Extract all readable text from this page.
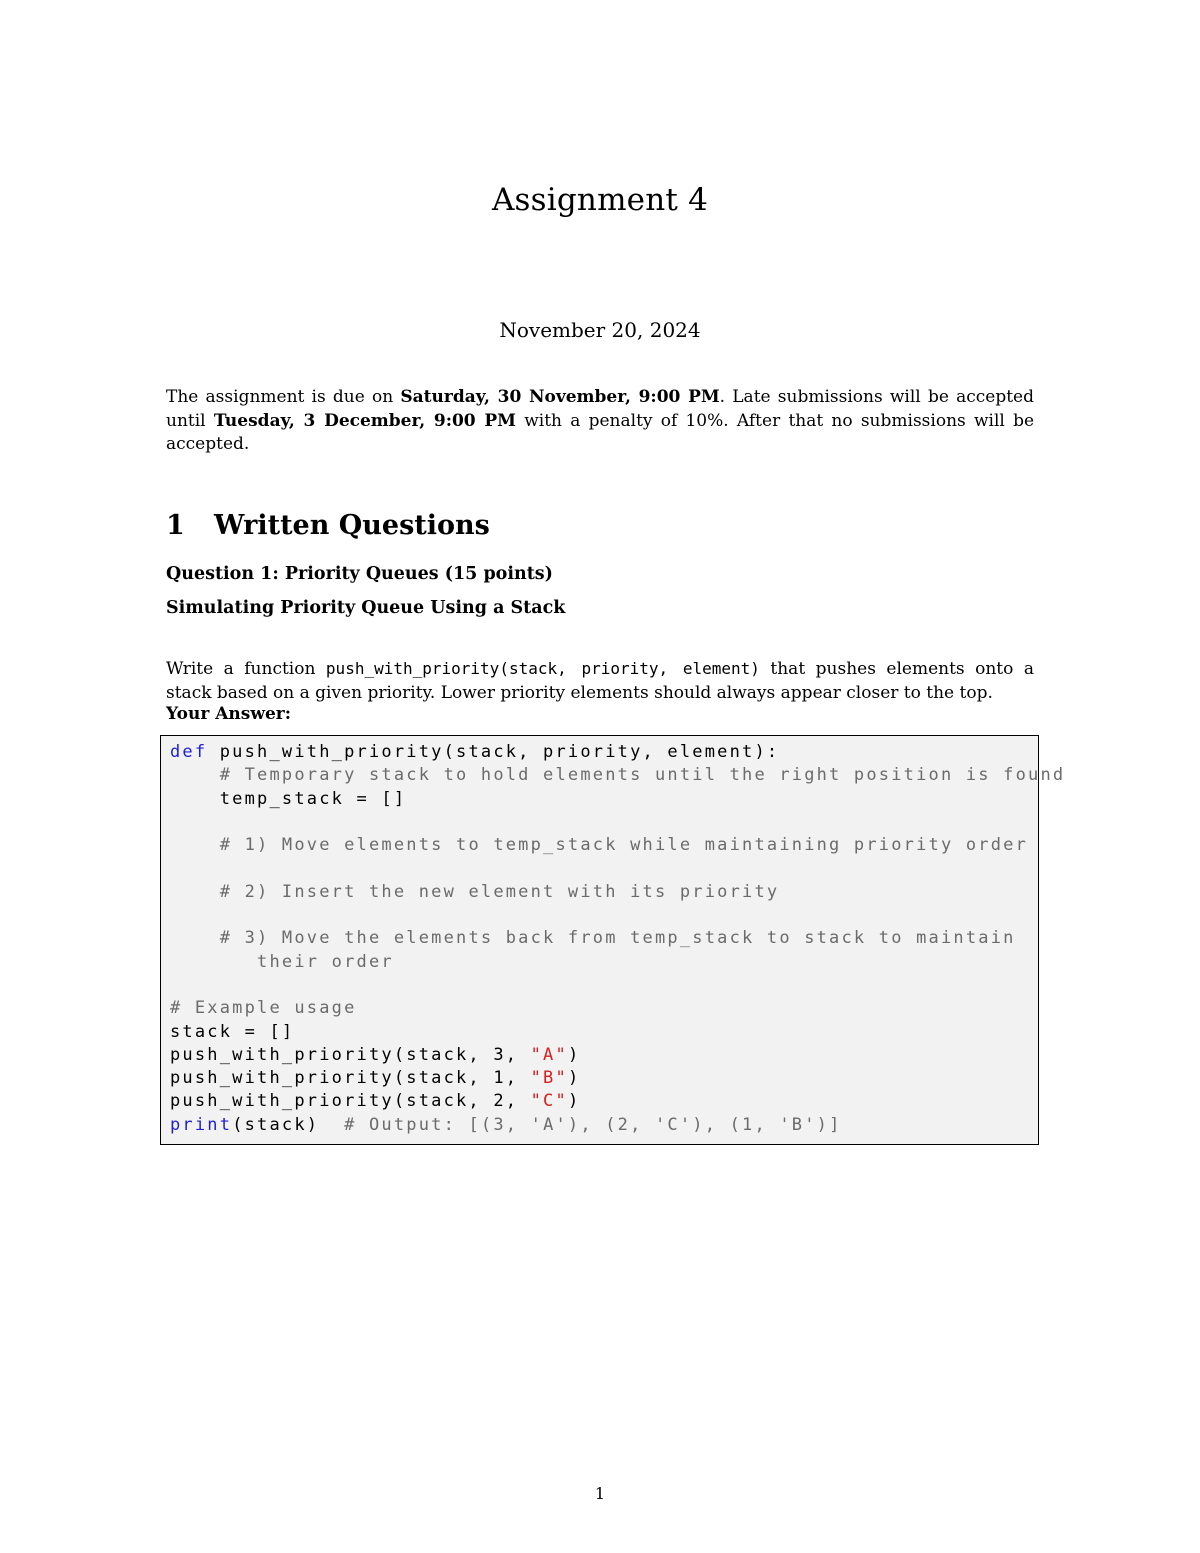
Assignment 4
November 20, 2024
The assignment is due on Saturday, 30 November, 9:00 PM. Late submissions will be accepted until Tuesday, 3 December, 9:00 PM with a penalty of 10%. After that no submissions will be accepted.
1 Written Questions
Question 1: Priority Queues (15 points)
Simulating Priority Queue Using a Stack
Write a function push_with_priority(stack, priority, element) that pushes elements onto a stack based on a given priority. Lower priority elements should always appear closer to the top.
Your Answer:
def push_with_priority(stack, priority, element):
# Temporary stack to hold elements until the right position is found
temp_stack = []

# 1) Move elements to temp_stack while maintaining priority order

# 2) Insert the new element with its priority

# 3) Move the elements back from temp_stack to stack to maintain
their order

# Example usage
stack = []
push_with_priority(stack, 3, "A")
push_with_priority(stack, 1, "B")
push_with_priority(stack, 2, "C")
print(stack)  # Output: [(3, 'A'), (2, 'C'), (1, 'B')]
1
